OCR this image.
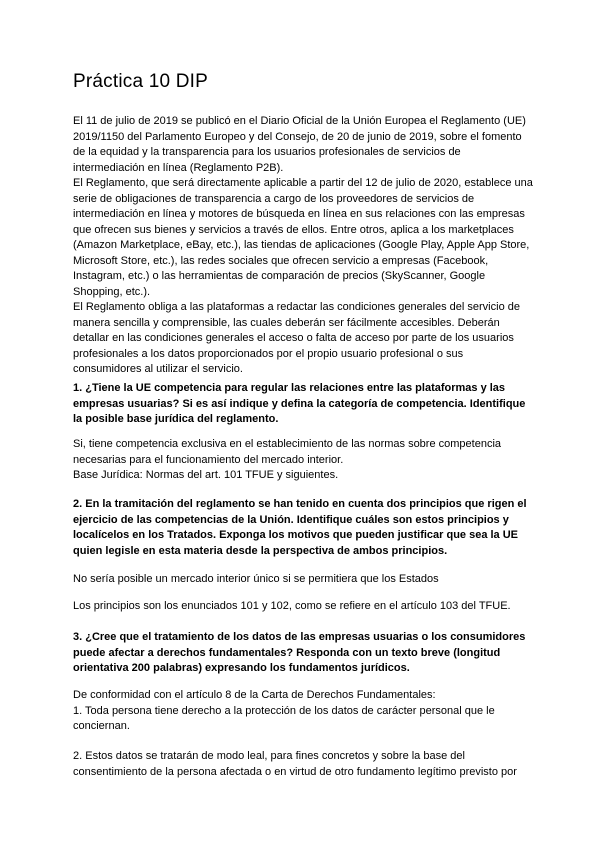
Práctica 10 DIP

El 11 de julio de 2019 se publicó en el Diario Oficial de la Unión Europea el Reglamento (UE) 2019/1150 del Parlamento Europeo y del Consejo, de 20 de junio de 2019, sobre el fomento de la equidad y la transparencia para los usuarios profesionales de servicios de intermediación en línea (Reglamento P2B).

El Reglamento, que será directamente aplicable a partir del 12 de julio de 2020, establece una serie de obligaciones de transparencia a cargo de los proveedores de servicios de intermediación en línea y motores de búsqueda en línea en sus relaciones con las empresas que ofrecen sus bienes y servicios a través de ellos. Entre otros, aplica a los marketplaces (Amazon Marketplace, eBay, etc.), las tiendas de aplicaciones (Google Play, Apple App Store, Microsoft Store, etc.), las redes sociales que ofrecen servicio a empresas (Facebook, Instagram, etc.) o las herramientas de comparación de precios (SkyScanner, Google Shopping, etc.).

El Reglamento obliga a las plataformas a redactar las condiciones generales del servicio de manera sencilla y comprensible, las cuales deberán ser fácilmente accesibles. Deberán detallar en las condiciones generales el acceso o falta de acceso por parte de los usuarios profesionales a los datos proporcionados por el propio usuario profesional o sus consumidores al utilizar el servicio.

1. ¿Tiene la UE competencia para regular las relaciones entre las plataformas y las empresas usuarias? Si es así indique y defina la categoría de competencia. Identifique la posible base jurídica del reglamento.

Si, tiene competencia exclusiva en el establecimiento de las normas sobre competencia necesarias para el funcionamiento del mercado interior.

Base Jurídica: Normas del art. 101 TFUE y siguientes.

2. En la tramitación del reglamento se han tenido en cuenta dos principios que rigen el ejercicio de las competencias de la Unión. Identifique cuáles son estos principios y localícelos en los Tratados. Exponga los motivos que pueden justificar que sea la UE quien legisle en esta materia desde la perspectiva de ambos principios.
No sería posible un mercado interior único si se permitiera que los Estados
Los principios son los enunciados 101 y 102, como se refiere en el artículo 103 del TFUE.
3. ¿Cree que el tratamiento de los datos de las empresas usuarias o los consumidores puede afectar a derechos fundamentales? Responda con un texto breve (longitud orientativa 200 palabras) expresando los fundamentos jurídicos.

De conformidad con el artículo 8 de la Carta de Derechos Fundamentales:

1. Toda persona tiene derecho a la protección de los datos de carácter personal que le conciernan.

2. Estos datos se tratarán de modo leal, para fines concretos y sobre la base del consentimiento de la persona afectada o en virtud de otro fundamento legítimo previsto por
